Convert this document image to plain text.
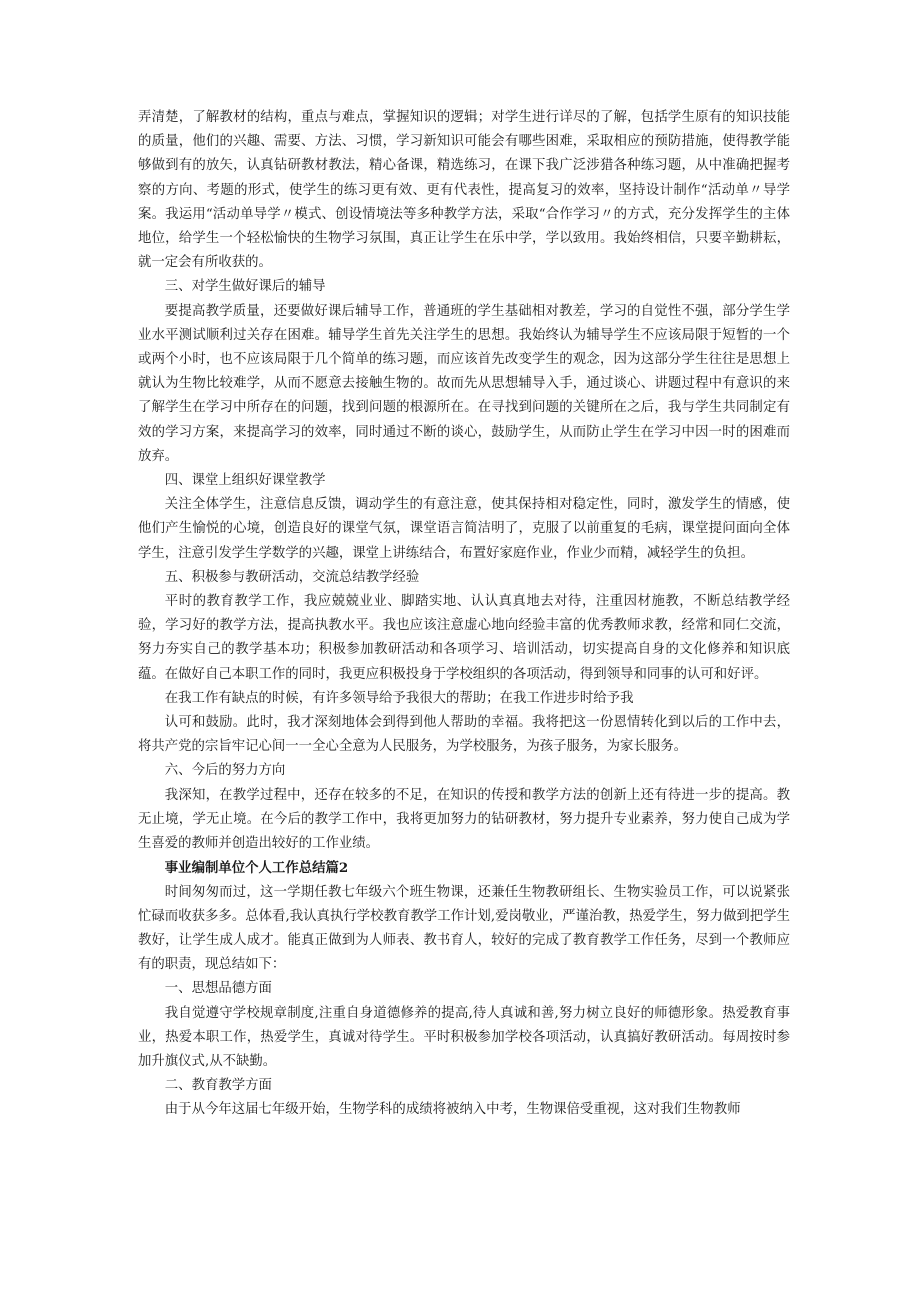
弄清楚，了解教材的结构，重点与难点，掌握知识的逻辑；对学生进行详尽的了解，包括学生原有的知识技能的质量，他们的兴趣、需要、方法、习惯，学习新知识可能会有哪些困难，采取相应的预防措施，使得教学能够做到有的放矢，认真钻研教材教法，精心备课，精选练习，在课下我广泛涉猎各种练习题，从中准确把握考察的方向、考题的形式，使学生的练习更有效、更有代表性，提高复习的效率，坚持设计制作“活动单〃导学案。我运用“活动单导学〃模式、创设情境法等多种教学方法，采取“合作学习〃的方式，充分发挥学生的主体地位，给学生一个轻松愉快的生物学习氛围，真正让学生在乐中学，学以致用。我始终相信，只要辛勤耕耘，就一定会有所收获的。

三、对学生做好课后的辅导

要提高教学质量，还要做好课后辅导工作，普通班的学生基础相对教差，学习的自觉性不强，部分学生学业水平测试顺利过关存在困难。辅导学生首先关注学生的思想。我始终认为辅导学生不应该局限于短暂的一个或两个小时，也不应该局限于几个简单的练习题，而应该首先改变学生的观念，因为这部分学生往往是思想上就认为生物比较难学，从而不愿意去接触生物的。故而先从思想辅导入手，通过谈心、讲题过程中有意识的来了解学生在学习中所存在的问题，找到问题的根源所在。在寻找到问题的关键所在之后，我与学生共同制定有效的学习方案，来提高学习的效率，同时通过不断的谈心，鼓励学生，从而防止学生在学习中因一时的困难而放弃。

四、课堂上组织好课堂教学

关注全体学生，注意信息反馈，调动学生的有意注意，使其保持相对稳定性，同时，激发学生的情感，使他们产生愉悦的心境，创造良好的课堂气氛，课堂语言简洁明了，克服了以前重复的毛病，课堂提问面向全体学生，注意引发学生学数学的兴趣，课堂上讲练结合，布置好家庭作业，作业少而精，减轻学生的负担。

五、积极参与教研活动，交流总结教学经验

平时的教育教学工作，我应兢兢业业、脚踏实地、认认真真地去对待，注重因材施教，不断总结教学经验，学习好的教学方法，提高执教水平。我也应该注意虚心地向经验丰富的优秀教师求教，经常和同仁交流，努力夯实自己的教学基本功；积极参加教研活动和各项学习、培训活动，切实提高自身的文化修养和知识底蕴。在做好自己本职工作的同时，我更应积极投身于学校组织的各项活动，得到领导和同事的认可和好评。

在我工作有缺点的时候，有许多领导给予我很大的帮助；在我工作进步时给予我

认可和鼓励。此时，我才深刻地体会到得到他人帮助的幸福。我将把这一份恩情转化到以后的工作中去，将共产党的宗旨牢记心间一一全心全意为人民服务，为学校服务，为孩子服务，为家长服务。

六、今后的努力方向

我深知，在教学过程中，还存在较多的不足，在知识的传授和教学方法的创新上还有待进一步的提高。教无止境，学无止境。在今后的教学工作中，我将更加努力的钻研教材，努力提升专业素养，努力使自己成为学生喜爱的教师并创造出较好的工作业绩。

事业编制单位个人工作总结篇2

时间匆匆而过，这一学期任教七年级六个班生物课，还兼任生物教研组长、生物实验员工作，可以说紧张忙碌而收获多多。总体看,我认真执行学校教育教学工作计划,爱岗敬业，严谨治教，热爱学生，努力做到把学生教好，让学生成人成才。能真正做到为人师表、教书育人，较好的完成了教育教学工作任务，尽到一个教师应有的职责，现总结如下：

一、思想品德方面

我自觉遵守学校规章制度,注重自身道德修养的提高,待人真诚和善,努力树立良好的师德形象。热爱教育事业，热爱本职工作，热爱学生，真诚对待学生。平时积极参加学校各项活动，认真搞好教研活动。每周按时参加升旗仪式,从不缺勤。

二、教育教学方面

由于从今年这届七年级开始，生物学科的成绩将被纳入中考，生物课倍受重视，这对我们生物教师
